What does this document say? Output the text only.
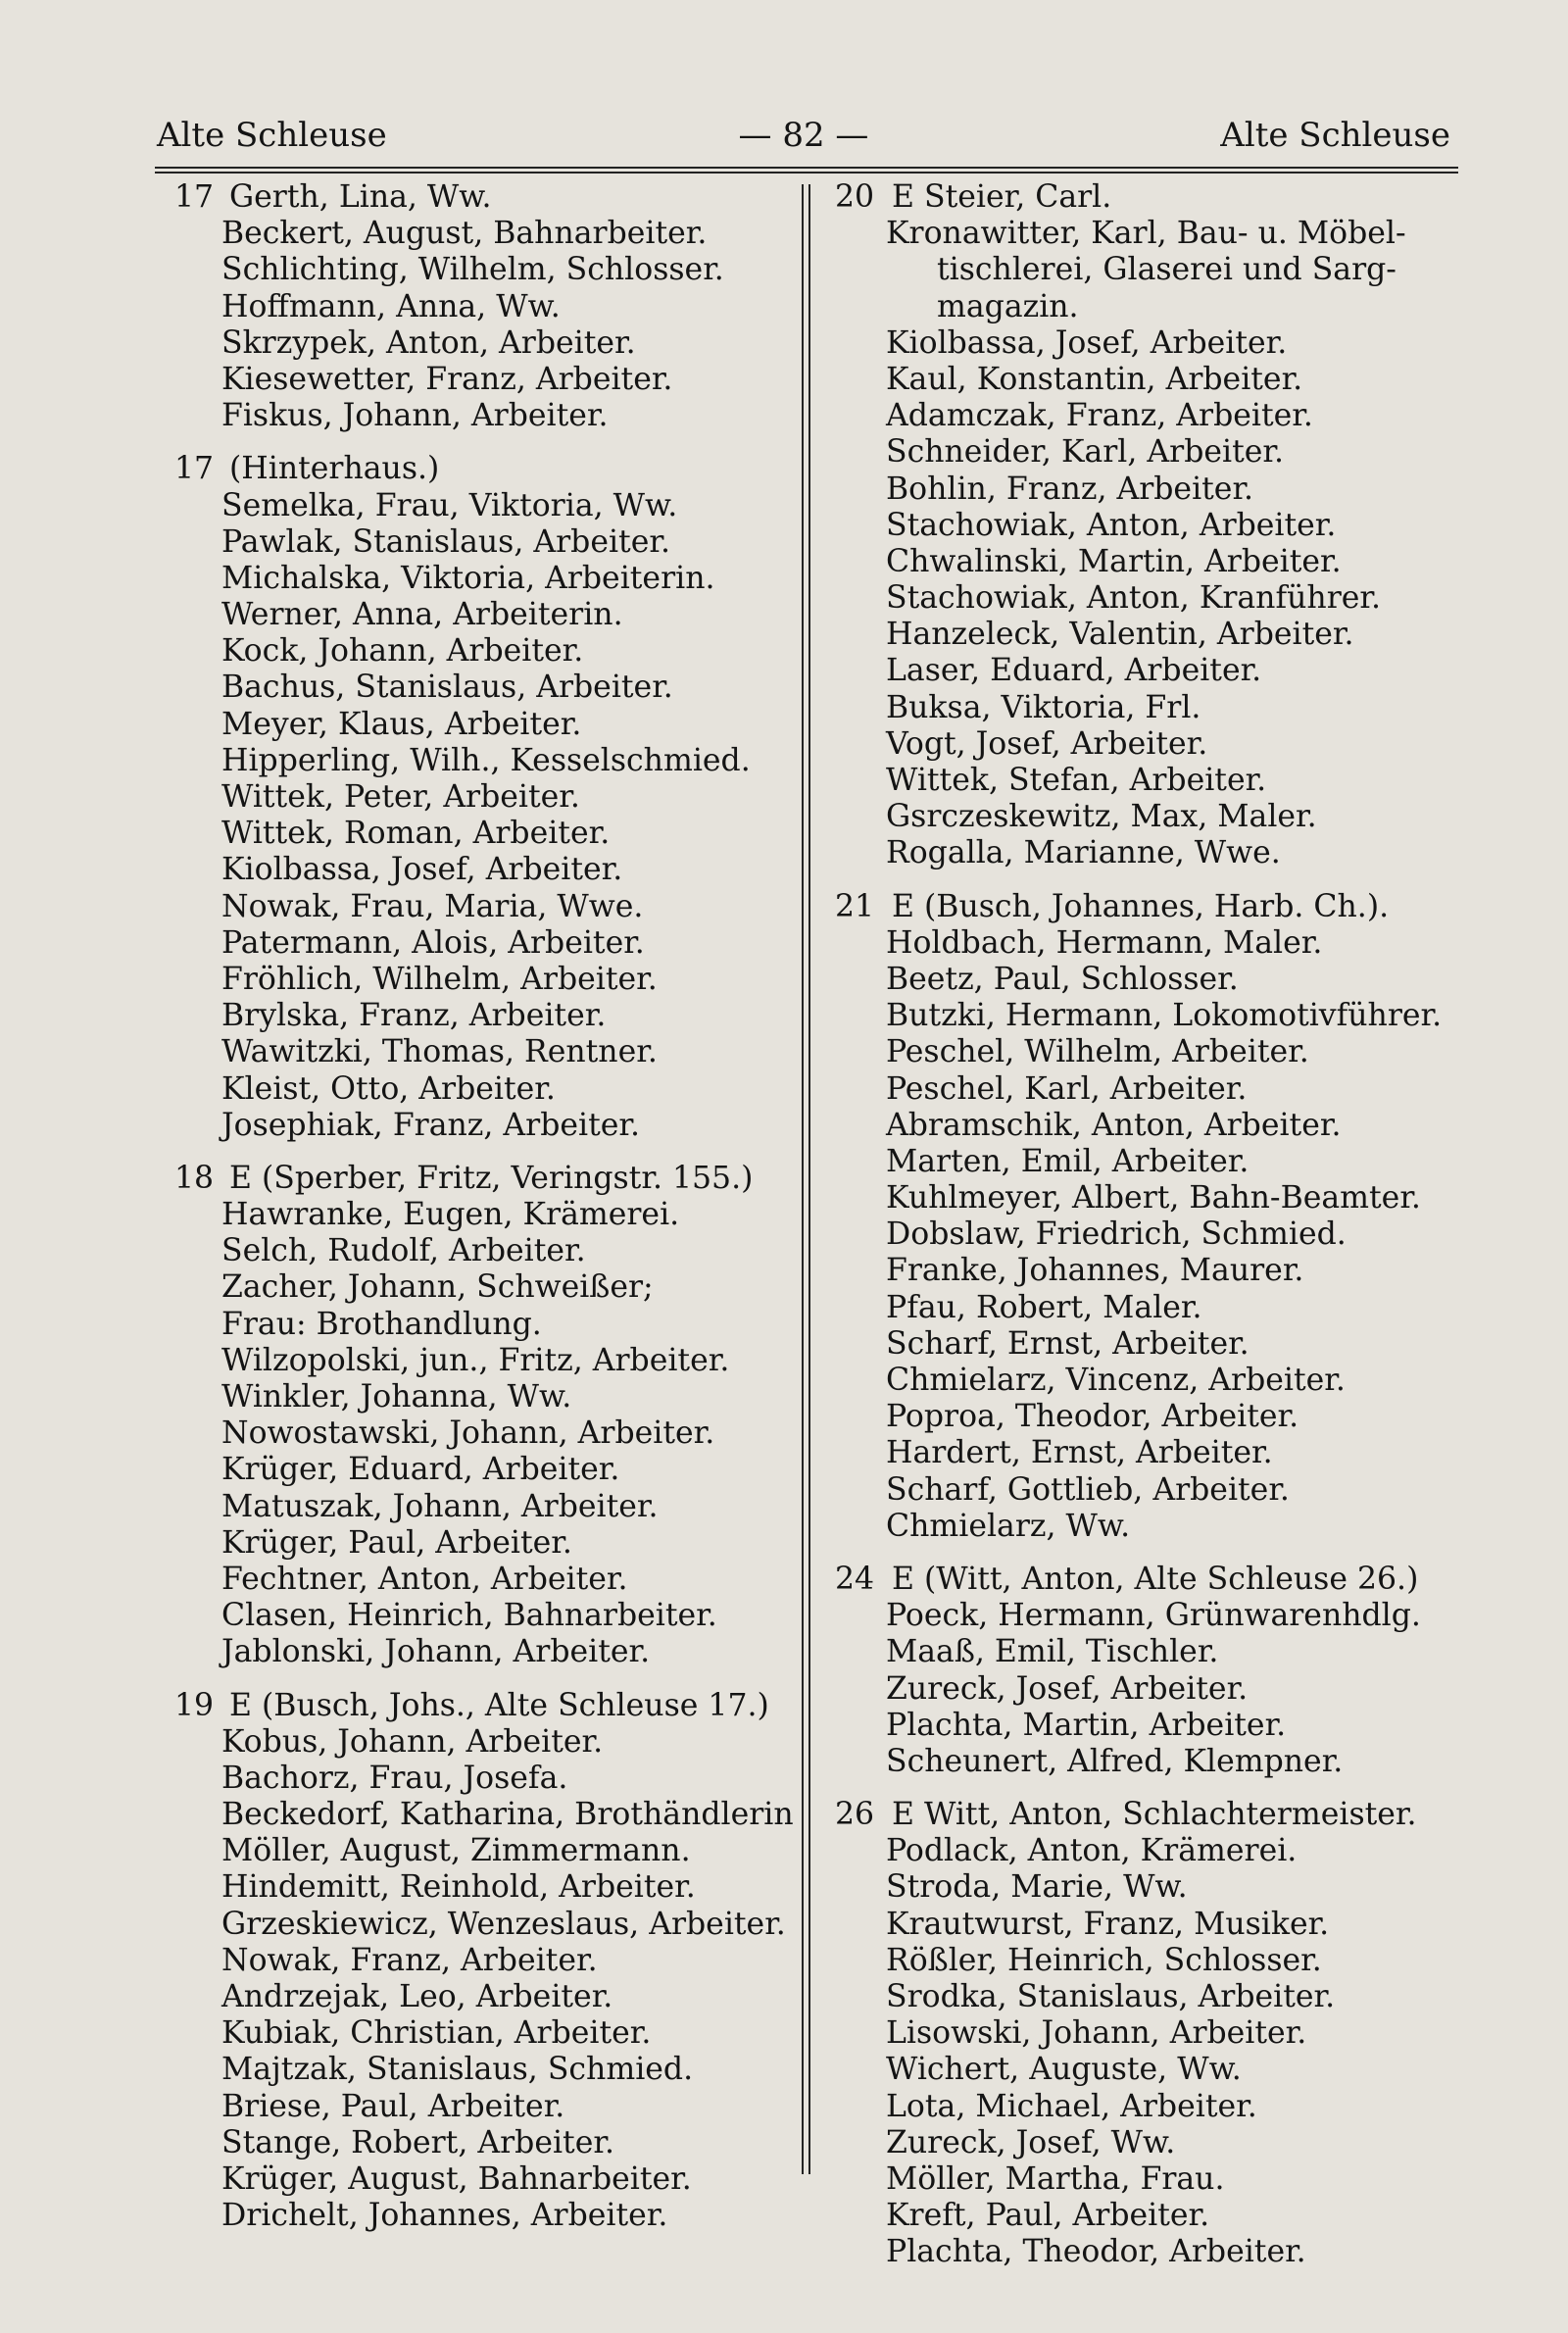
Alte Schleuse	— 82 —	Alte Schleuse
17 Gerth, Lina, Ww.
Beckert, August, Bahnarbeiter.
Schlichting, Wilhelm, Schlosser.
Hoffmann, Anna, Ww.
Skrzypek, Anton, Arbeiter.
Kiesewetter, Franz, Arbeiter.
Fiskus, Johann, Arbeiter.
17 (Hinterhaus.)
Semelka, Frau, Viktoria, Ww.
Pawlak, Stanislaus, Arbeiter.
Michalska, Viktoria, Arbeiterin.
Werner, Anna, Arbeiterin.
Kock, Johann, Arbeiter.
Bachus, Stanislaus, Arbeiter.
Meyer, Klaus, Arbeiter.
Hipperling, Wilh., Kesselschmied.
Wittek, Peter, Arbeiter.
Wittek, Roman, Arbeiter.
Kiolbassa, Josef, Arbeiter.
Nowak, Frau, Maria, Wwe.
Patermann, Alois, Arbeiter.
Fröhlich, Wilhelm, Arbeiter.
Brylska, Franz, Arbeiter.
Wawitzki, Thomas, Rentner.
Kleist, Otto, Arbeiter.
Josephiak, Franz, Arbeiter.
18 E (Sperber, Fritz, Veringstr. 155.)
Hawranke, Eugen, Krämerei.
Selch, Rudolf, Arbeiter.
Zacher, Johann, Schweißer;
Frau: Brothandlung.
Wilzopolski, jun., Fritz, Arbeiter.
Winkler, Johanna, Ww.
Nowostawski, Johann, Arbeiter.
Krüger, Eduard, Arbeiter.
Matuszak, Johann, Arbeiter.
Krüger, Paul, Arbeiter.
Fechtner, Anton, Arbeiter.
Clasen, Heinrich, Bahnarbeiter.
Jablonski, Johann, Arbeiter.
19 E (Busch, Johs., Alte Schleuse 17.)
Kobus, Johann, Arbeiter.
Bachorz, Frau, Josefa.
Beckedorf, Katharina, Brothändlerin
Möller, August, Zimmermann.
Hindemitt, Reinhold, Arbeiter.
Grzeskiewicz, Wenzeslaus, Arbeiter.
Nowak, Franz, Arbeiter.
Andrzejak, Leo, Arbeiter.
Kubiak, Christian, Arbeiter.
Majtzak, Stanislaus, Schmied.
Briese, Paul, Arbeiter.
Stange, Robert, Arbeiter.
Krüger, August, Bahnarbeiter.
Drichelt, Johannes, Arbeiter.
20 E Steier, Carl.
Kronawitter, Karl, Bau- u. Möbel-
tischlerei, Glaserei und Sarg-
magazin.
Kiolbassa, Josef, Arbeiter.
Kaul, Konstantin, Arbeiter.
Adamczak, Franz, Arbeiter.
Schneider, Karl, Arbeiter.
Bohlin, Franz, Arbeiter.
Stachowiak, Anton, Arbeiter.
Chwalinski, Martin, Arbeiter.
Stachowiak, Anton, Kranführer.
Hanzeleck, Valentin, Arbeiter.
Laser, Eduard, Arbeiter.
Buksa, Viktoria, Frl.
Vogt, Josef, Arbeiter.
Wittek, Stefan, Arbeiter.
Gsrczeskewitz, Max, Maler.
Rogalla, Marianne, Wwe.
21 E (Busch, Johannes, Harb. Ch.).
Holdbach, Hermann, Maler.
Beetz, Paul, Schlosser.
Butzki, Hermann, Lokomotivführer.
Peschel, Wilhelm, Arbeiter.
Peschel, Karl, Arbeiter.
Abramschik, Anton, Arbeiter.
Marten, Emil, Arbeiter.
Kuhlmeyer, Albert, Bahn-Beamter.
Dobslaw, Friedrich, Schmied.
Franke, Johannes, Maurer.
Pfau, Robert, Maler.
Scharf, Ernst, Arbeiter.
Chmielarz, Vincenz, Arbeiter.
Poproa, Theodor, Arbeiter.
Hardert, Ernst, Arbeiter.
Scharf, Gottlieb, Arbeiter.
Chmielarz, Ww.
24 E (Witt, Anton, Alte Schleuse 26.)
Poeck, Hermann, Grünwarenhdlg.
Maaß, Emil, Tischler.
Zureck, Josef, Arbeiter.
Plachta, Martin, Arbeiter.
Scheunert, Alfred, Klempner.
26 E Witt, Anton, Schlachtermeister.
Podlack, Anton, Krämerei.
Stroda, Marie, Ww.
Krautwurst, Franz, Musiker.
Rößler, Heinrich, Schlosser.
Srodka, Stanislaus, Arbeiter.
Lisowski, Johann, Arbeiter.
Wichert, Auguste, Ww.
Lota, Michael, Arbeiter.
Zureck, Josef, Ww.
Möller, Martha, Frau.
Kreft, Paul, Arbeiter.
Plachta, Theodor, Arbeiter.
